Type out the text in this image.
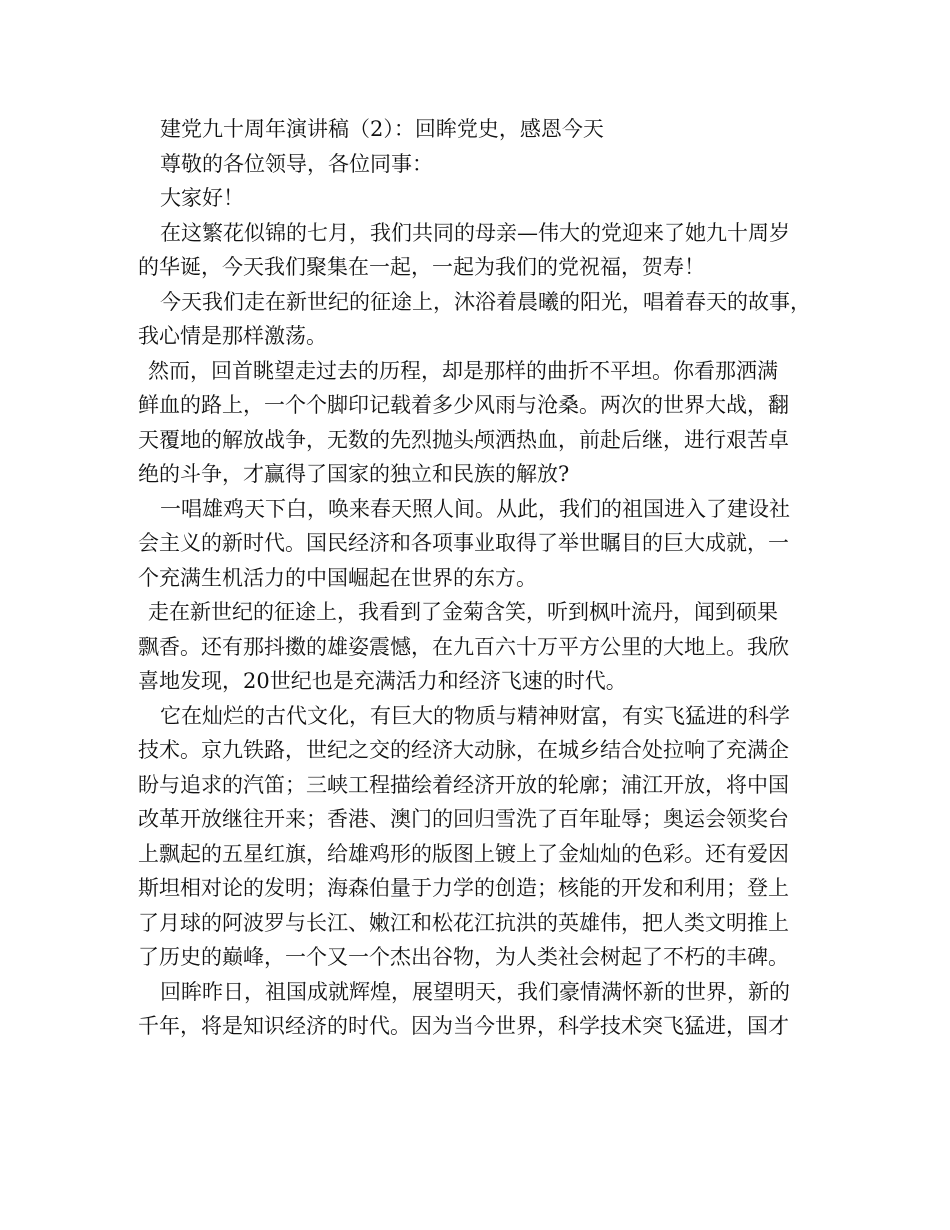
建党九十周年演讲稿（2）：回眸党史，感恩今天
尊敬的各位领导，各位同事：
大家好！
在这繁花似锦的七月，我们共同的母亲—伟大的党迎来了她九十周岁
的华诞，今天我们聚集在一起，一起为我们的党祝福，贺寿！
今天我们走在新世纪的征途上，沐浴着晨曦的阳光，唱着春天的故事，
我心情是那样激荡。
然而，回首眺望走过去的历程，却是那样的曲折不平坦。你看那洒满
鲜血的路上，一个个脚印记载着多少风雨与沧桑。两次的世界大战，翻
天覆地的解放战争，无数的先烈抛头颅洒热血，前赴后继，进行艰苦卓
绝的斗争，才赢得了国家的独立和民族的解放?
一唱雄鸡天下白，唤来春天照人间。从此，我们的祖国进入了建设社
会主义的新时代。国民经济和各项事业取得了举世瞩目的巨大成就，一
个充满生机活力的中国崛起在世界的东方。
走在新世纪的征途上，我看到了金菊含笑，听到枫叶流丹，闻到硕果
飘香。还有那抖擞的雄姿震憾，在九百六十万平方公里的大地上。我欣
喜地发现，20世纪也是充满活力和经济飞速的时代。
它在灿烂的古代文化，有巨大的物质与精神财富，有实飞猛进的科学
技术。京九铁路，世纪之交的经济大动脉，在城乡结合处拉响了充满企
盼与追求的汽笛；三峡工程描绘着经济开放的轮廓；浦江开放，将中国
改革开放继往开来；香港、澳门的回归雪洗了百年耻辱；奥运会领奖台
上飘起的五星红旗，给雄鸡形的版图上镀上了金灿灿的色彩。还有爱因
斯坦相对论的发明；海森伯量于力学的创造；核能的开发和利用；登上
了月球的阿波罗与长江、嫩江和松花江抗洪的英雄伟，把人类文明推上
了历史的巅峰，一个又一个杰出谷物，为人类社会树起了不朽的丰碑。
回眸昨日，祖国成就辉煌，展望明天，我们豪情满怀新的世界，新的
千年，将是知识经济的时代。因为当今世界，科学技术突飞猛进，国才
